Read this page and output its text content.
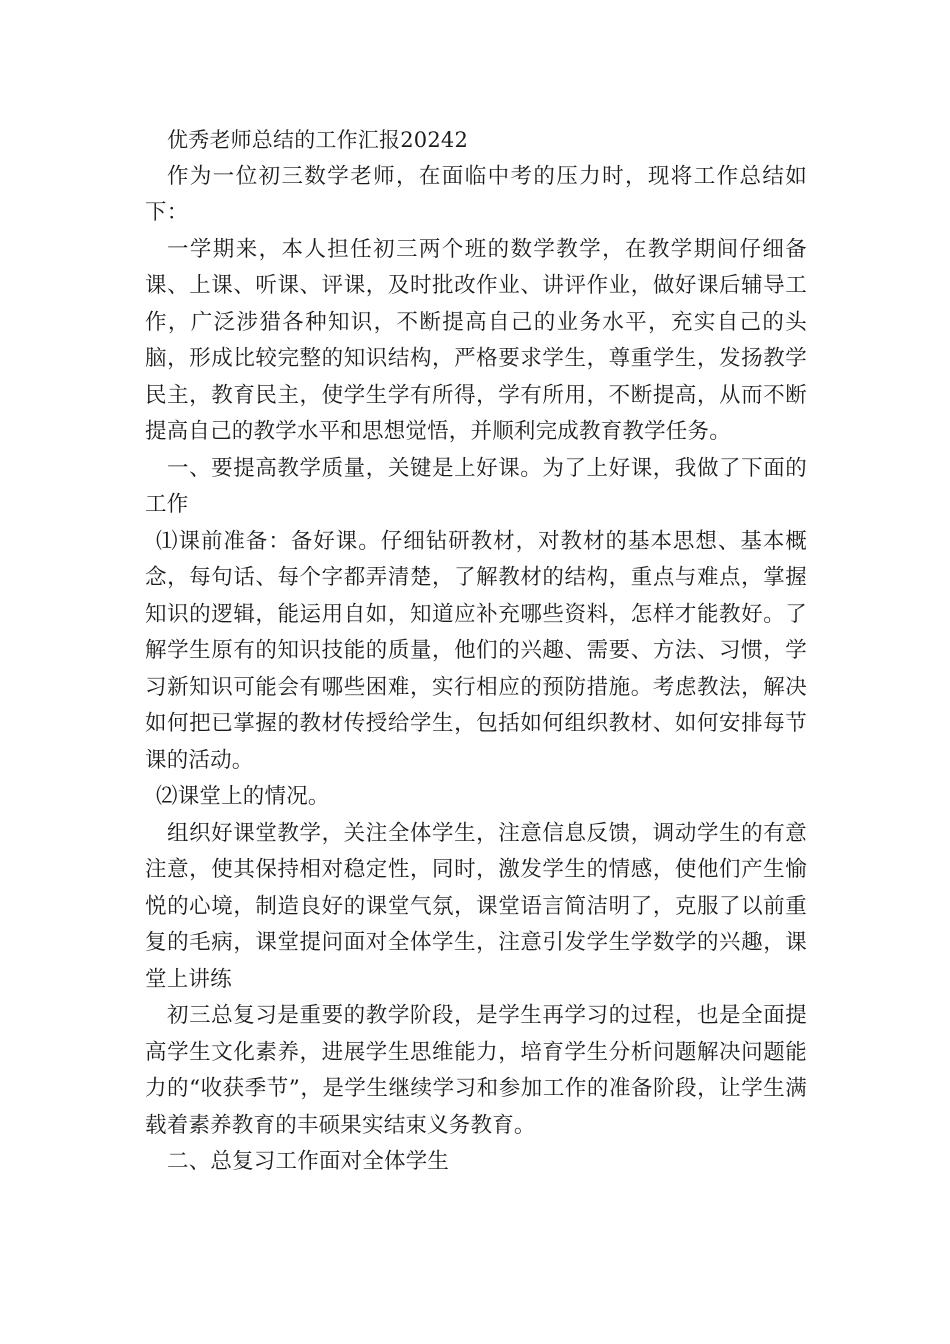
优秀老师总结的工作汇报20242

作为一位初三数学老师，在面临中考的压力时，现将工作总结如下：

一学期来，本人担任初三两个班的数学教学，在教学期间仔细备课、上课、听课、评课，及时批改作业、讲评作业，做好课后辅导工作，广泛涉猎各种知识，不断提高自己的业务水平，充实自己的头脑，形成比较完整的知识结构，严格要求学生，尊重学生，发扬教学民主，教育民主，使学生学有所得，学有所用，不断提高，从而不断提高自己的教学水平和思想觉悟，并顺利完成教育教学任务。

一、要提高教学质量，关键是上好课。为了上好课，我做了下面的工作

⑴课前准备：备好课。仔细钻研教材，对教材的基本思想、基本概念，每句话、每个字都弄清楚，了解教材的结构，重点与难点，掌握知识的逻辑，能运用自如，知道应补充哪些资料，怎样才能教好。了解学生原有的知识技能的质量，他们的兴趣、需要、方法、习惯，学习新知识可能会有哪些困难，实行相应的预防措施。考虑教法，解决如何把已掌握的教材传授给学生，包括如何组织教材、如何安排每节课的活动。

⑵课堂上的情况。

组织好课堂教学，关注全体学生，注意信息反馈，调动学生的有意注意，使其保持相对稳定性，同时，激发学生的情感，使他们产生愉悦的心境，制造良好的课堂气氛，课堂语言简洁明了，克服了以前重复的毛病，课堂提问面对全体学生，注意引发学生学数学的兴趣，课堂上讲练

初三总复习是重要的教学阶段，是学生再学习的过程，也是全面提高学生文化素养，进展学生思维能力，培育学生分析问题解决问题能力的“收获季节”，是学生继续学习和参加工作的准备阶段，让学生满载着素养教育的丰硕果实结束义务教育。

二、总复习工作面对全体学生
